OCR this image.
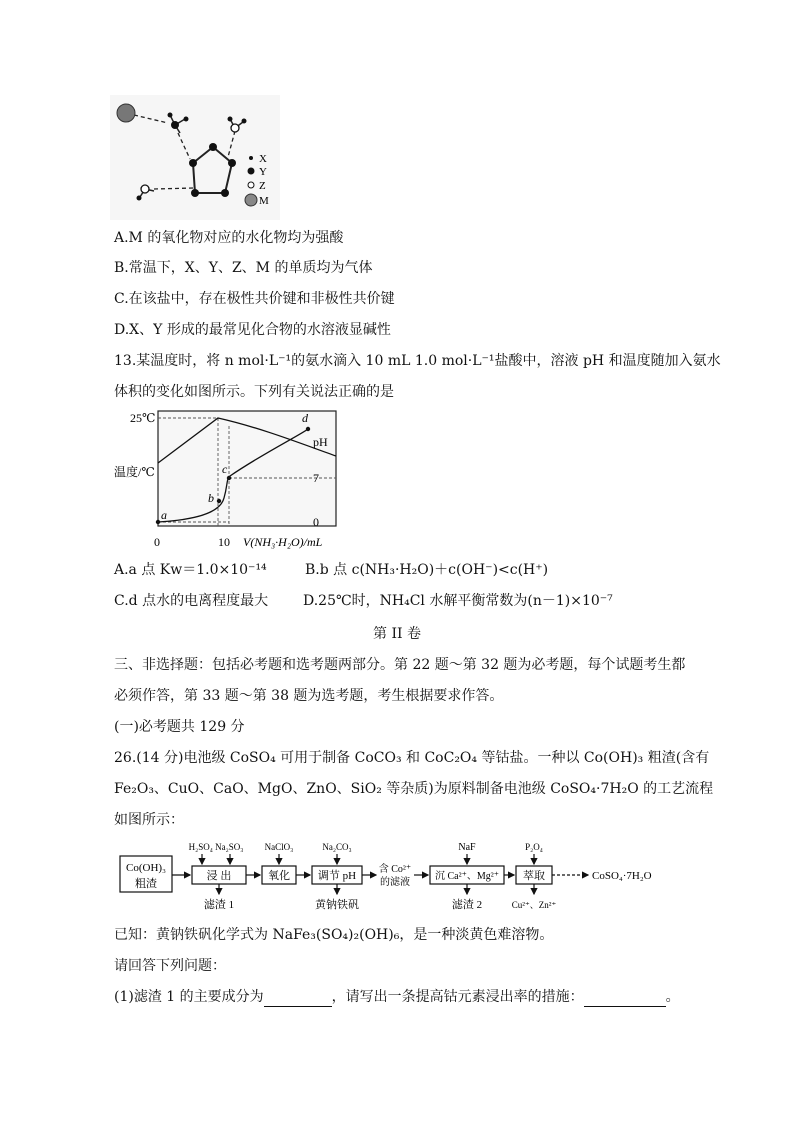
X
Y
Z
M
A.M 的氧化物对应的水化物均为强酸
B.常温下，X、Y、Z、M 的单质均为气体
C.在该盐中，存在极性共价键和非极性共价键
D.X、Y 形成的最常见化合物的水溶液显碱性
13.某温度时，将 n mol·L⁻¹的氨水滴入 10 mL 1.0 mol·L⁻¹盐酸中，溶液 pH 和温度随加入氨水
体积的变化如图所示。下列有关说法正确的是
25℃
温度/℃
pH
7
0
0	10 V(NH₃·H₂O)/mL
a
b
c
d
A.a 点 Kw＝1.0×10⁻¹⁴	B.b 点 c(NH₃·H₂O)＋c(OH⁻)<c(H⁺)
C.d 点水的电离程度最大 D.25℃时，NH₄Cl 水解平衡常数为(n－1)×10⁻⁷
第 II 卷
三、非选择题：包括必考题和选考题两部分。第 22 题～第 32 题为必考题，每个试题考生都
必须作答，第 33 题～第 38 题为选考题，考生根据要求作答。
(一)必考题共 129 分
26.(14 分)电池级 CoSO₄ 可用于制备 CoCO₃ 和 CoC₂O₄ 等钴盐。一种以 Co(OH)₃ 粗渣(含有
Fe₂O₃、CuO、CaO、MgO、ZnO、SiO₂ 等杂质)为原料制备电池级 CoSO₄·7H₂O 的工艺流程
如图所示：
Co(OH)₃
粗渣
H₂SO₄ Na₂SO₃
浸 出
NaClO₃
氧化
Na₂CO₃
调节 pH
含 Co²⁺
的滤液
NaF
沉 Ca²⁺、Mg²⁺
P₂O₄
萃取	CoSO₄·7H₂O
滤渣 1	黄钠铁矾	滤渣 2	Cu²⁺、Zn²⁺
已知：黄钠铁矾化学式为 NaFe₃(SO₄)₂(OH)₆，是一种淡黄色难溶物。
请回答下列问题：
(1)滤渣 1 的主要成分为	，请写出一条提高钴元素浸出率的措施：	。
